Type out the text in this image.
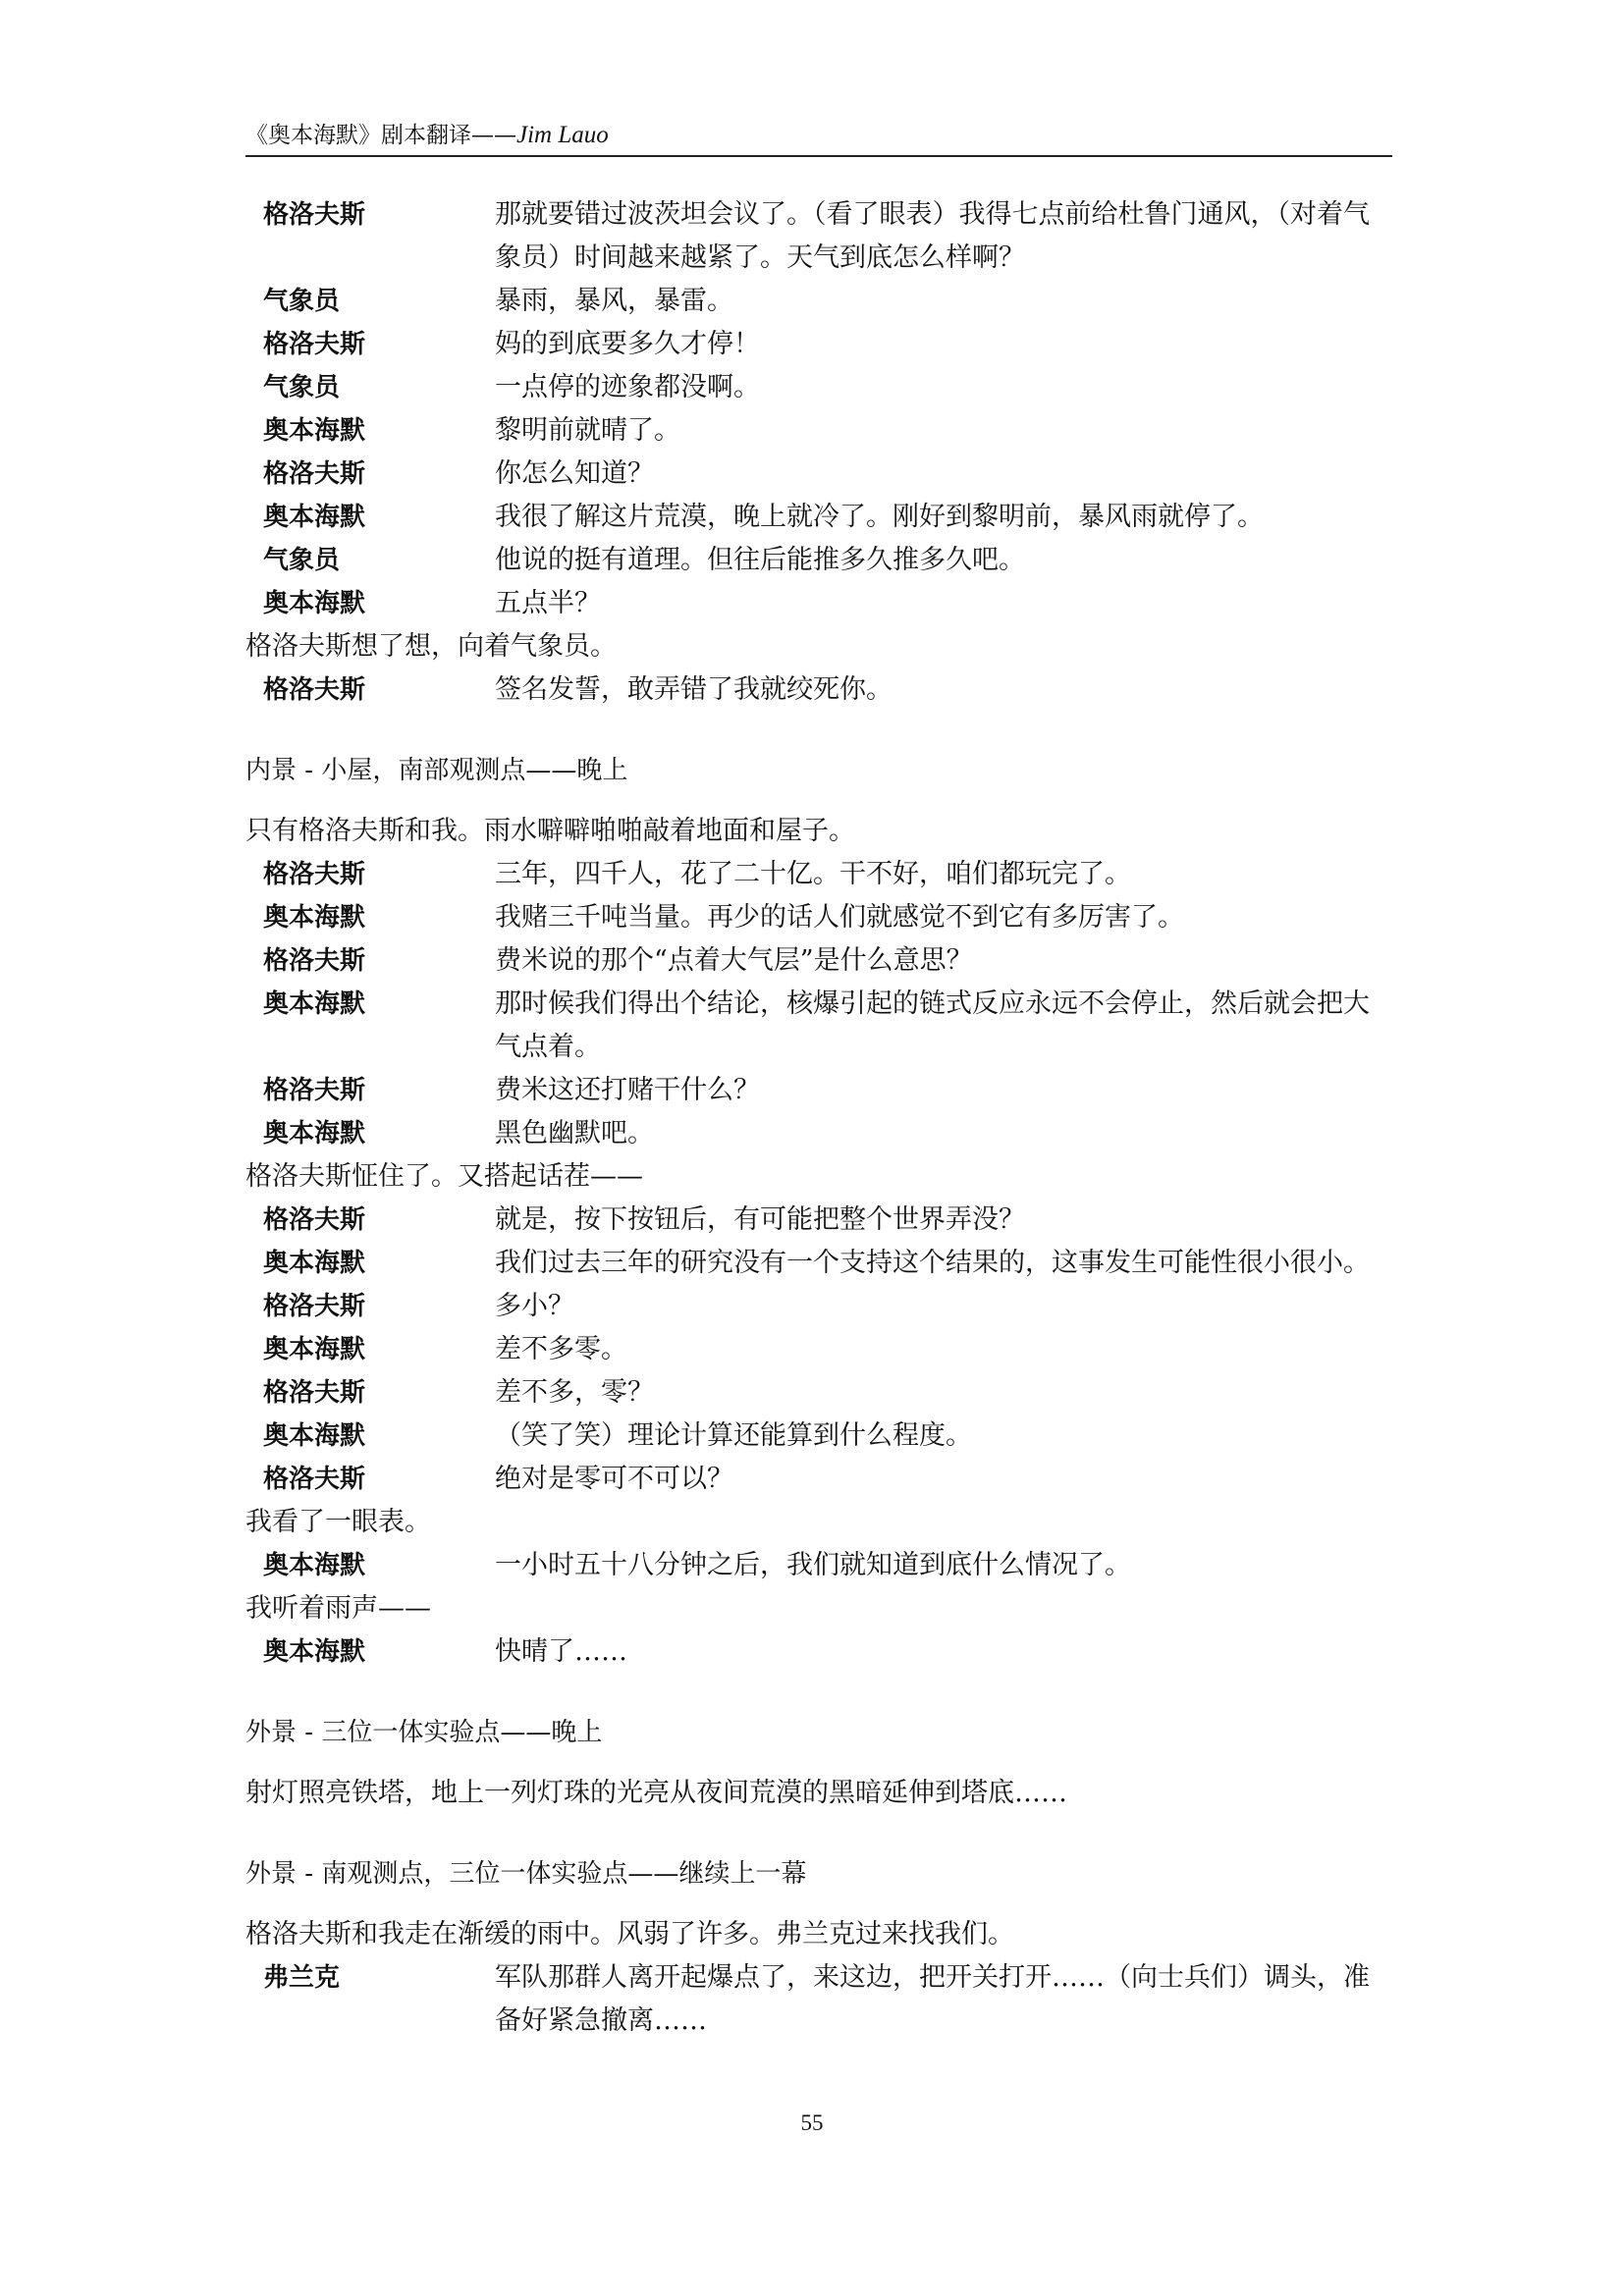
《奥本海默》剧本翻译——Jim Lauo
格洛夫斯	那就要错过波茨坦会议了。（看了眼表）我得七点前给杜鲁门通风，（对着气象员）时间越来越紧了。天气到底怎么样啊？
气象员	暴雨，暴风，暴雷。
格洛夫斯	妈的到底要多久才停！
气象员	一点停的迹象都没啊。
奥本海默	黎明前就晴了。
格洛夫斯	你怎么知道？
奥本海默	我很了解这片荒漠，晚上就冷了。刚好到黎明前，暴风雨就停了。
气象员	他说的挺有道理。但往后能推多久推多久吧。
奥本海默	五点半？
格洛夫斯想了想，向着气象员。
格洛夫斯	签名发誓，敢弄错了我就绞死你。
内景 - 小屋，南部观测点——晚上
只有格洛夫斯和我。雨水噼噼啪啪敲着地面和屋子。
格洛夫斯	三年，四千人，花了二十亿。干不好，咱们都玩完了。
奥本海默	我赌三千吨当量。再少的话人们就感觉不到它有多厉害了。
格洛夫斯	费米说的那个“点着大气层”是什么意思？
奥本海默	那时候我们得出个结论，核爆引起的链式反应永远不会停止，然后就会把大气点着。
格洛夫斯	费米这还打赌干什么？
奥本海默	黑色幽默吧。
格洛夫斯怔住了。又搭起话茬——
格洛夫斯	就是，按下按钮后，有可能把整个世界弄没？
奥本海默	我们过去三年的研究没有一个支持这个结果的，这事发生可能性很小很小。
格洛夫斯	多小？
奥本海默	差不多零。
格洛夫斯	差不多，零？
奥本海默	（笑了笑）理论计算还能算到什么程度。
格洛夫斯	绝对是零可不可以？
我看了一眼表。
奥本海默	一小时五十八分钟之后，我们就知道到底什么情况了。
我听着雨声——
奥本海默	快晴了……
外景 - 三位一体实验点——晚上
射灯照亮铁塔，地上一列灯珠的光亮从夜间荒漠的黑暗延伸到塔底……
外景 - 南观测点，三位一体实验点——继续上一幕
格洛夫斯和我走在渐缓的雨中。风弱了许多。弗兰克过来找我们。
弗兰克	军队那群人离开起爆点了，来这边，把开关打开……（向士兵们）调头，准备好紧急撤离……
55
